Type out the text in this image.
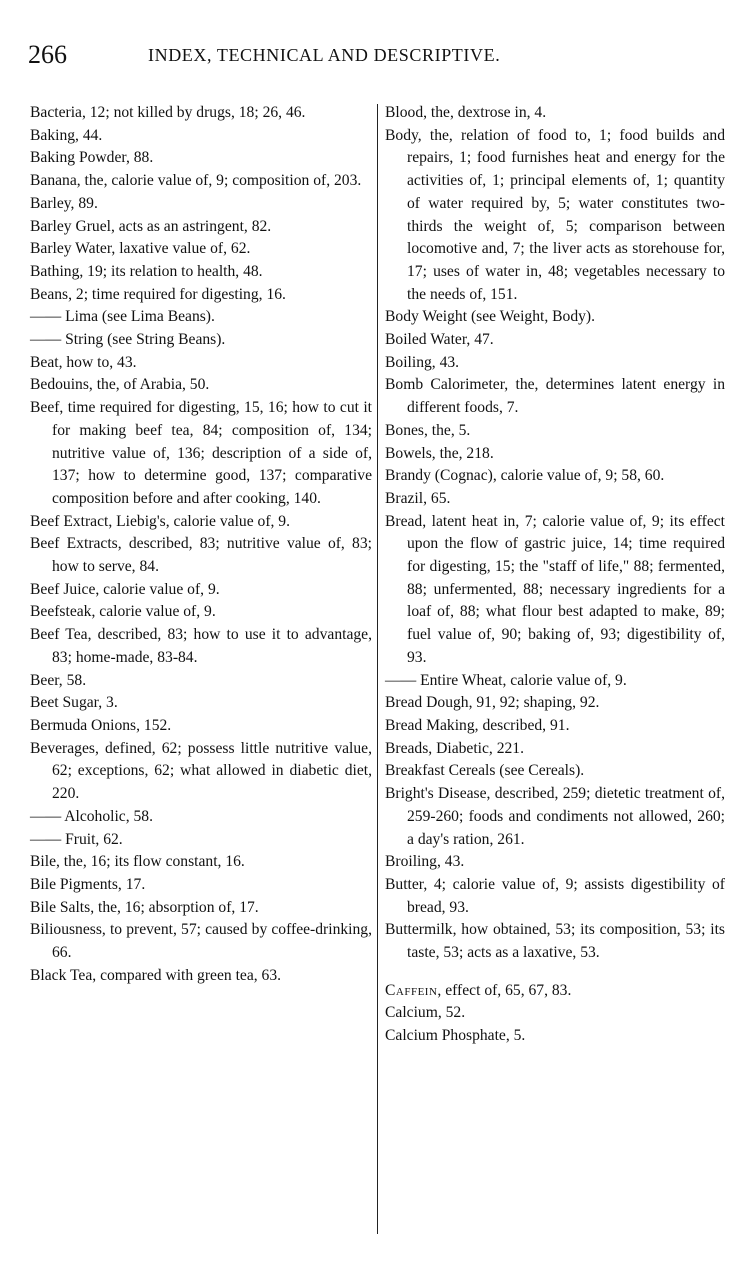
266	INDEX, TECHNICAL AND DESCRIPTIVE.

Bacteria, 12; not killed by drugs, 18; 26, 46.

Baking, 44.

Baking Powder, 88.

Banana, the, calorie value of, 9; composition of, 203.

Barley, 89.

Barley Gruel, acts as an astringent, 82.

Barley Water, laxative value of, 62.

Bathing, 19; its relation to health, 48.

Beans, 2; time required for digesting, 16.

—— Lima (see Lima Beans).

—— String (see String Beans).

Beat, how to, 43.

Bedouins, the, of Arabia, 50.

Beef, time required for digesting, 15, 16; how to cut it for making beef tea, 84; composition of, 134; nutritive value of, 136; description of a side of, 137; how to determine good, 137; comparative composition before and after cooking, 140.

Beef Extract, Liebig's, calorie value of, 9.

Beef Extracts, described, 83; nutritive value of, 83; how to serve, 84.

Beef Juice, calorie value of, 9.

Beefsteak, calorie value of, 9.

Beef Tea, described, 83; how to use it to advantage, 83; home-made, 83-84.

Beer, 58.

Beet Sugar, 3.

Bermuda Onions, 152.

Beverages, defined, 62; possess little nutritive value, 62; exceptions, 62; what allowed in diabetic diet, 220.

—— Alcoholic, 58.

—— Fruit, 62.

Bile, the, 16; its flow constant, 16.

Bile Pigments, 17.

Bile Salts, the, 16; absorption of, 17.

Biliousness, to prevent, 57; caused by coffee-drinking, 66.

Black Tea, compared with green tea, 63.

Blood, the, dextrose in, 4.

Body, the, relation of food to, 1; food builds and repairs, 1; food furnishes heat and energy for the activities of, 1; principal elements of, 1; quantity of water required by, 5; water constitutes two-thirds the weight of, 5; comparison between locomotive and, 7; the liver acts as storehouse for, 17; uses of water in, 48; vegetables necessary to the needs of, 151.

Body Weight (see Weight, Body).

Boiled Water, 47.

Boiling, 43.

Bomb Calorimeter, the, determines latent energy in different foods, 7.

Bones, the, 5.

Bowels, the, 218.

Brandy (Cognac), calorie value of, 9; 58, 60.

Brazil, 65.

Bread, latent heat in, 7; calorie value of, 9; its effect upon the flow of gastric juice, 14; time required for digesting, 15; the "staff of life," 88; fermented, 88; unfermented, 88; necessary ingredients for a loaf of, 88; what flour best adapted to make, 89; fuel value of, 90; baking of, 93; digestibility of, 93.

—— Entire Wheat, calorie value of, 9.

Bread Dough, 91, 92; shaping, 92.

Bread Making, described, 91.

Breads, Diabetic, 221.

Breakfast Cereals (see Cereals).

Bright's Disease, described, 259; dietetic treatment of, 259-260; foods and condiments not allowed, 260; a day's ration, 261.

Broiling, 43.

Butter, 4; calorie value of, 9; assists digestibility of bread, 93.

Buttermilk, how obtained, 53; its composition, 53; its taste, 53; acts as a laxative, 53.

Caffein, effect of, 65, 67, 83.

Calcium, 52.

Calcium Phosphate, 5.
